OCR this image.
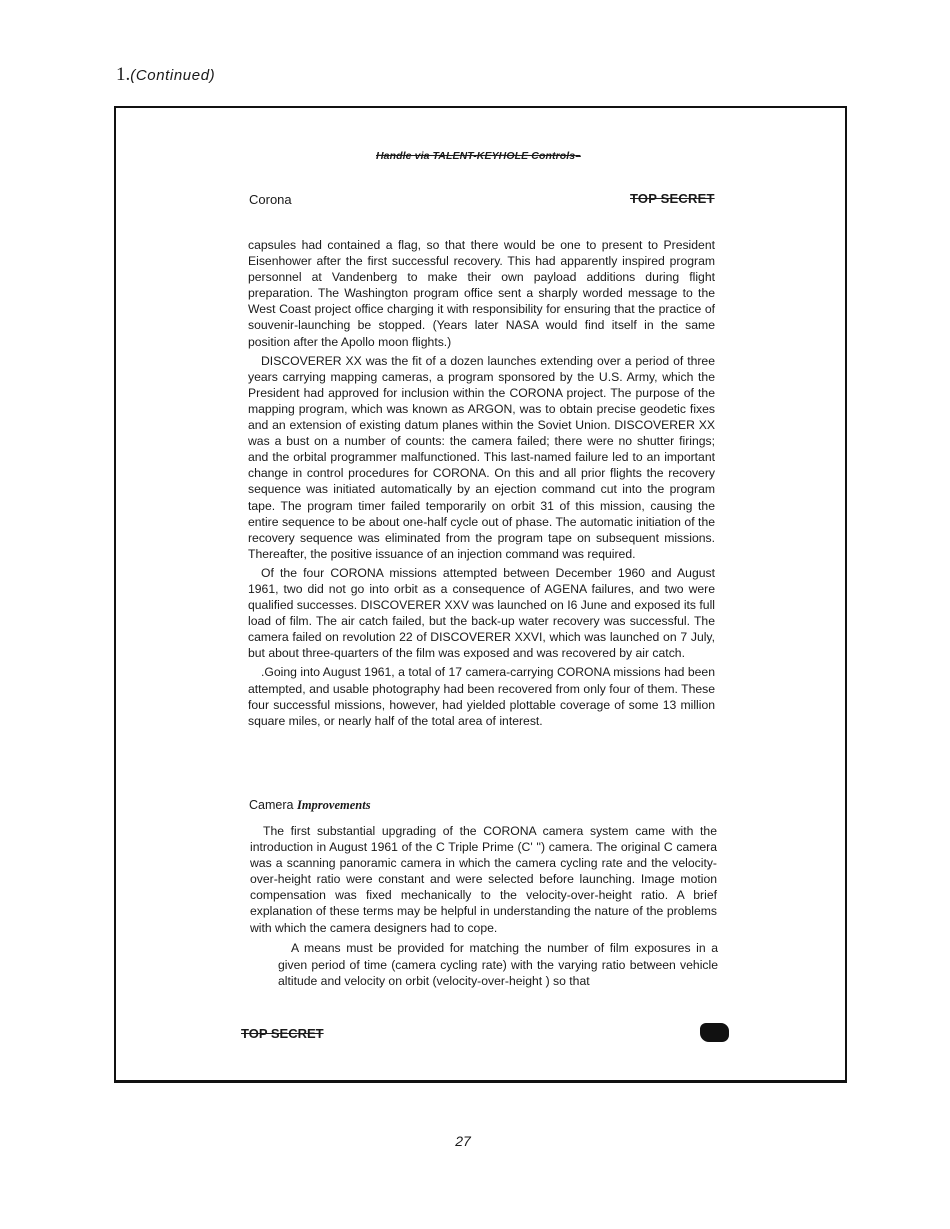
1.(Continued)
Handle via TALENT-KEYHOLE Controls--
Corona	TOP SECRET

capsules had contained a flag, so that there would be one to present to President Eisenhower after the first successful recovery. This had apparently inspired program personnel at Vandenberg to make their own payload additions during flight preparation. The Washington program office sent a sharply worded message to the West Coast project office charging it with responsibility for ensuring that the practice of souvenir-launching be stopped. (Years later NASA would find itself in the same position after the Apollo moon flights.)

DISCOVERER XX was the fit of a dozen launches extending over a period of three years carrying mapping cameras, a program sponsored by the U.S. Army, which the President had approved for inclusion within the CORONA project. The purpose of the mapping program, which was known as ARGON, was to obtain precise geodetic fixes and an extension of existing datum planes within the Soviet Union. DISCOVERER XX was a bust on a number of counts: the camera failed; there were no shutter firings; and the orbital programmer malfunctioned. This last-named failure led to an important change in control procedures for CORONA. On this and all prior flights the recovery sequence was initiated automatically by an ejection command cut into the program tape. The program timer failed temporarily on orbit 31 of this mission, causing the entire sequence to be about one-half cycle out of phase. The automatic initiation of the recovery sequence was eliminated from the program tape on subsequent missions. Thereafter, the positive issuance of an injection command was required.

Of the four CORONA missions attempted between December 1960 and August 1961, two did not go into orbit as a consequence of AGENA failures, and two were qualified successes. DISCOVERER XXV was launched on I6 June and exposed its full load of film. The air catch failed, but the back-up water recovery was successful. The camera failed on revolution 22 of DISCOVERER XXVI, which was launched on 7 July, but about three-quarters of the film was exposed and was recovered by air catch.

.Going into August 1961, a total of 17 camera-carrying CORONA missions had been attempted, and usable photography had been recovered from only four of them. These four successful missions, however, had yielded plottable coverage of some 13 million square miles, or nearly half of the total area of interest.

Camera Improvements

The first substantial upgrading of the CORONA camera system came with the introduction in August 1961 of the C Triple Prime (C' '') camera. The original C camera was a scanning panoramic camera in which the camera cycling rate and the velocity-over-height ratio were constant and were selected before launching. Image motion compensation was fixed mechanically to the velocity-over-height ratio. A brief explanation of these terms may be helpful in understanding the nature of the problems with which the camera designers had to cope.

A means must be provided for matching the number of film exposures in a given period of time (camera cycling rate) with the varying ratio between vehicle altitude and velocity on orbit (velocity-over-height ) so that

TOP SECRET
27
